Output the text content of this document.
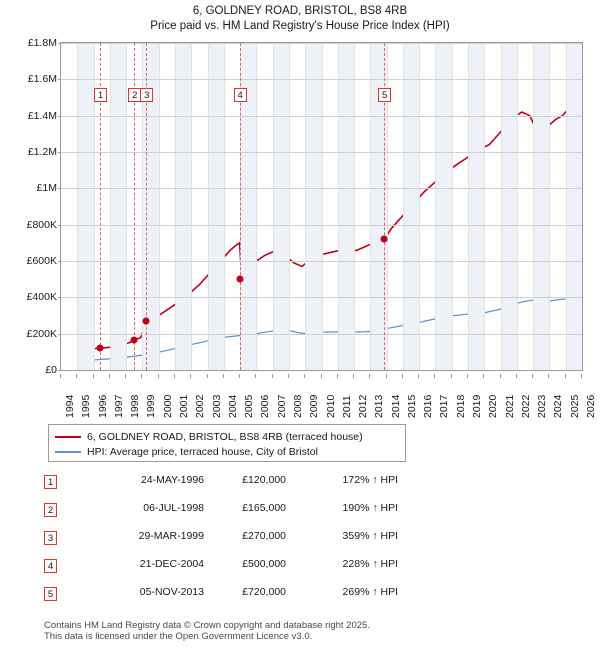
6, GOLDNEY ROAD, BRISTOL, BS8 4RB
Price paid vs. HM Land Registry's House Price Index (HPI)
£0
£200K
£400K
£600K
£800K
£1M
£1.2M
£1.4M
£1.6M
£1.8M
1	2 3	4	5
1994 1995 1996 1997 1998 1999 2000 2001 2002 2003 2004 2005 2006 2007 2008 2009 2010 2011 2012 2013 2014 2015 2016 2017 2018 2019 2020 2021 2022 2023 2024 2025 2026
6, GOLDNEY ROAD, BRISTOL, BS8 4RB (terraced house)
HPI: Average price, terraced house, City of Bristol
1	24-MAY-1996	£120,000	172% ↑ HPI
2	06-JUL-1998	£165,000	190% ↑ HPI
3	29-MAR-1999	£270,000	359% ↑ HPI
4	21-DEC-2004	£500,000	228% ↑ HPI
5	05-NOV-2013	£720,000	269% ↑ HPI
Contains HM Land Registry data © Crown copyright and database right 2025.
This data is licensed under the Open Government Licence v3.0.
